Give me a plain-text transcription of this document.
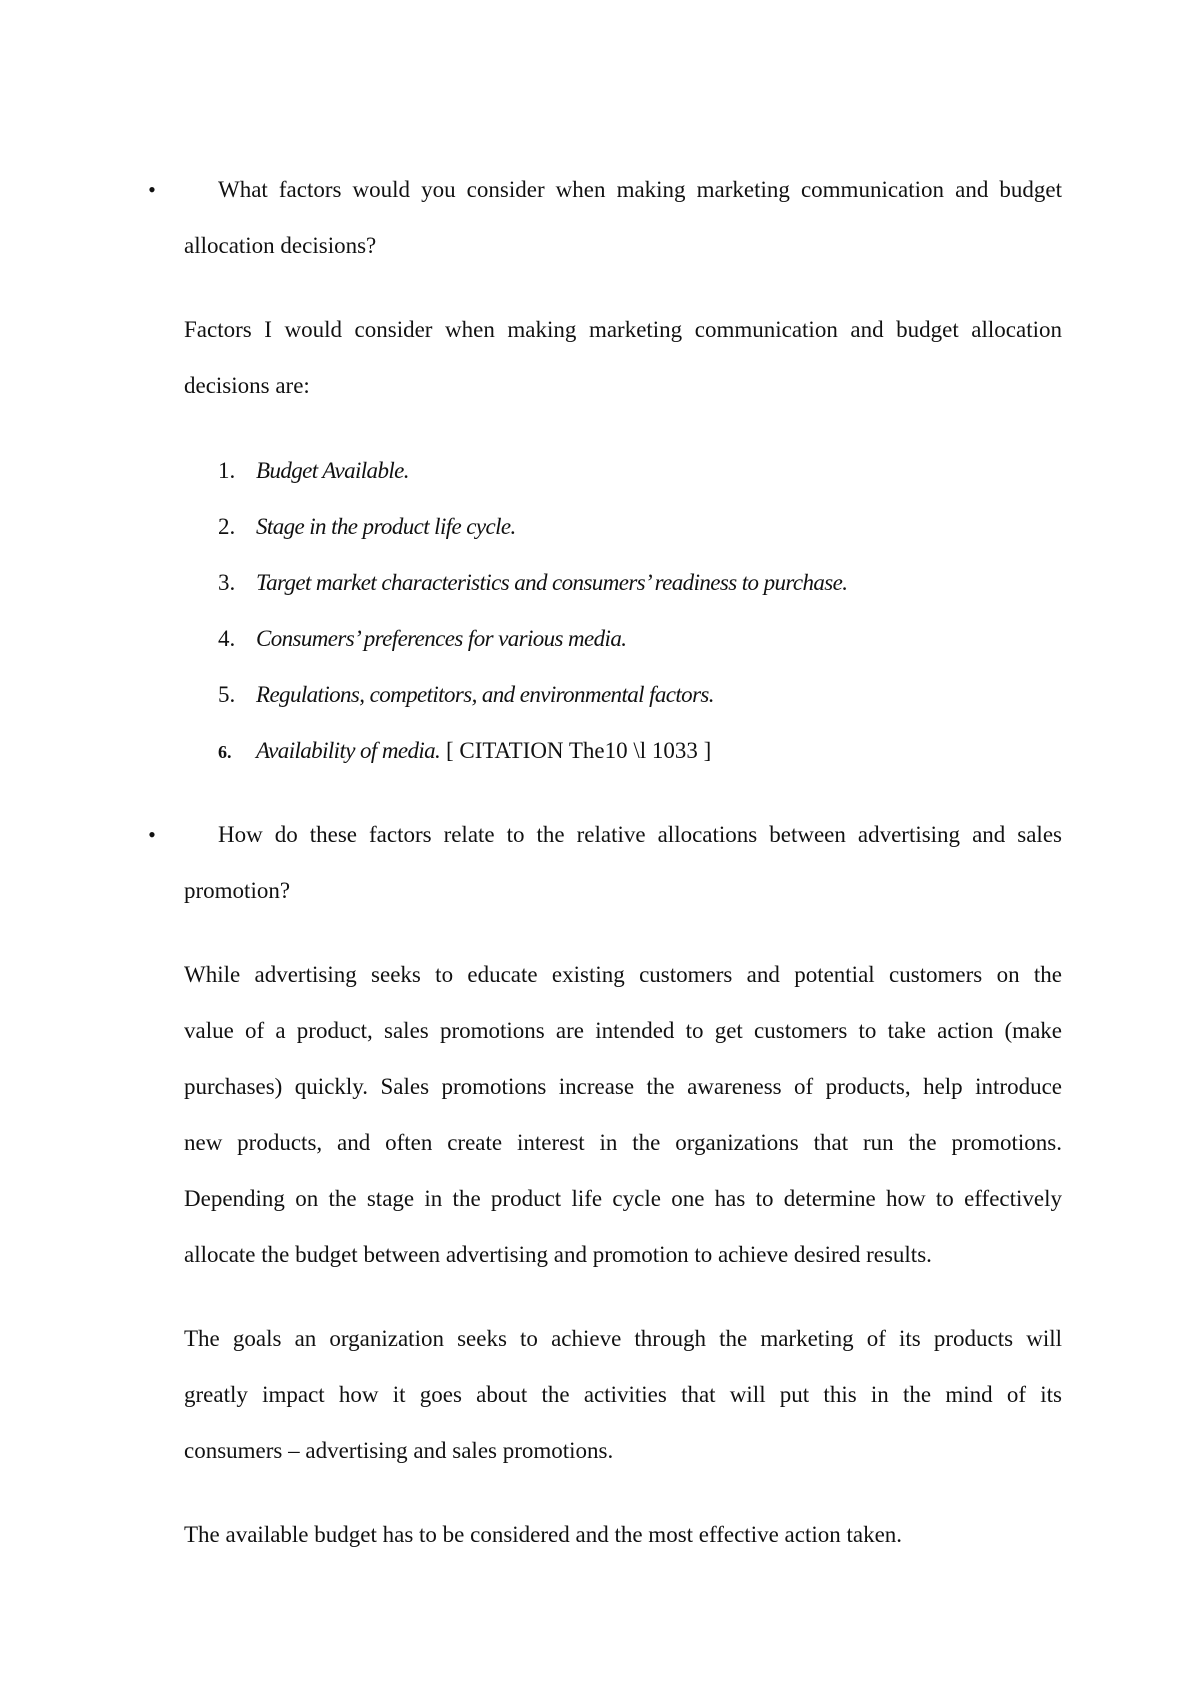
•	What factors would you consider when making marketing communication and budget
allocation decisions?
Factors I would consider when making marketing communication and budget allocation
decisions are:
1. Budget Available.
2. Stage in the product life cycle.
3. Target market characteristics and consumers’ readiness to purchase.
4. Consumers’ preferences for various media.
5. Regulations, competitors, and environmental factors.
6. Availability of media. [ CITATION The10 \l 1033 ]
•	How do these factors relate to the relative allocations between advertising and sales
promotion?
While advertising seeks to educate existing customers and potential customers on the
value of a product, sales promotions are intended to get customers to take action (make
purchases) quickly. Sales promotions increase the awareness of products, help introduce
new products, and often create interest in the organizations that run the promotions.
Depending on the stage in the product life cycle one has to determine how to effectively
allocate the budget between advertising and promotion to achieve desired results.
The goals an organization seeks to achieve through the marketing of its products will
greatly impact how it goes about the activities that will put this in the mind of its
consumers – advertising and sales promotions.
The available budget has to be considered and the most effective action taken.
